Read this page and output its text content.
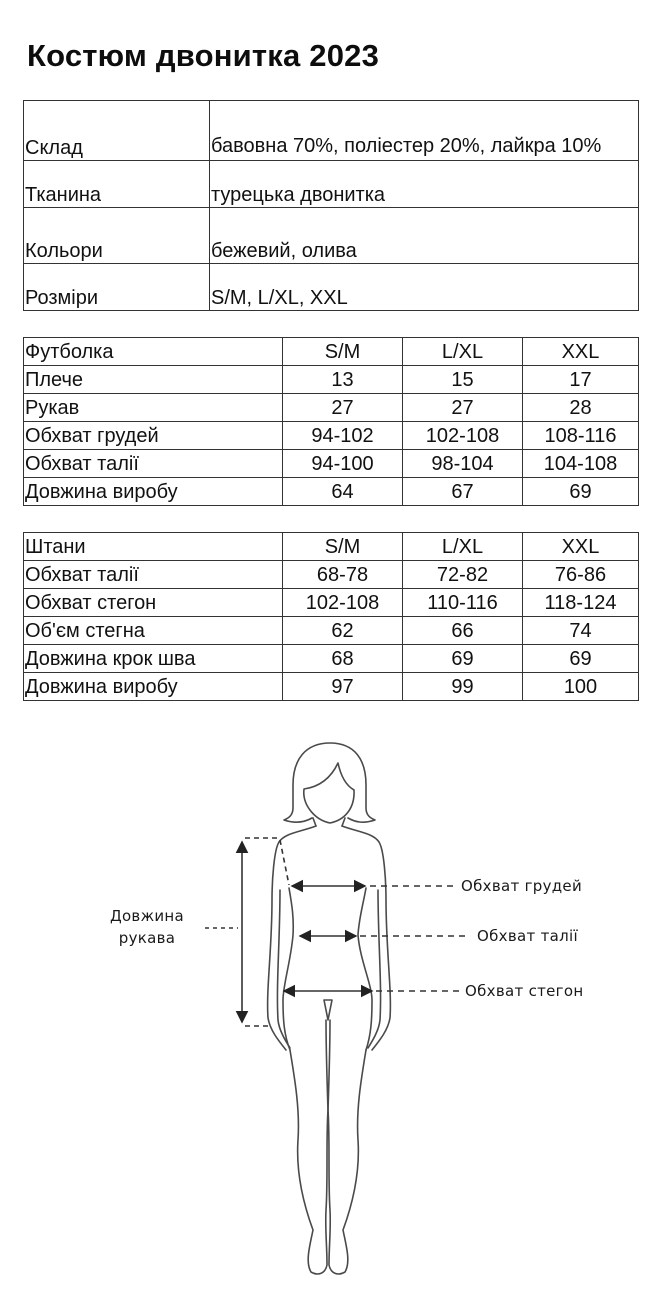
Костюм двонитка 2023
Склад	бавовна 70%, поліестер 20%, лайкра 10%
Тканина	турецька двонитка
Кольори	бежевий, олива
Розміри	S/M, L/XL, XXL
Футболка	S/M	L/XL	XXL
Плече	13	15	17
Рукав	27	27	28
Обхват грудей	94-102	102-108	108-116
Обхват талії	94-100	98-104	104-108
Довжина виробу	64	67	69
Штани	S/M	L/XL	XXL
Обхват талії	68-78	72-82	76-86
Обхват стегон	102-108	110-116	118-124
Об'єм стегна	62	66	74
Довжина крок шва	68	69	69
Довжина виробу	97	99	100
Довжина
рукава
Обхват грудей
Обхват талії
Обхват стегон
